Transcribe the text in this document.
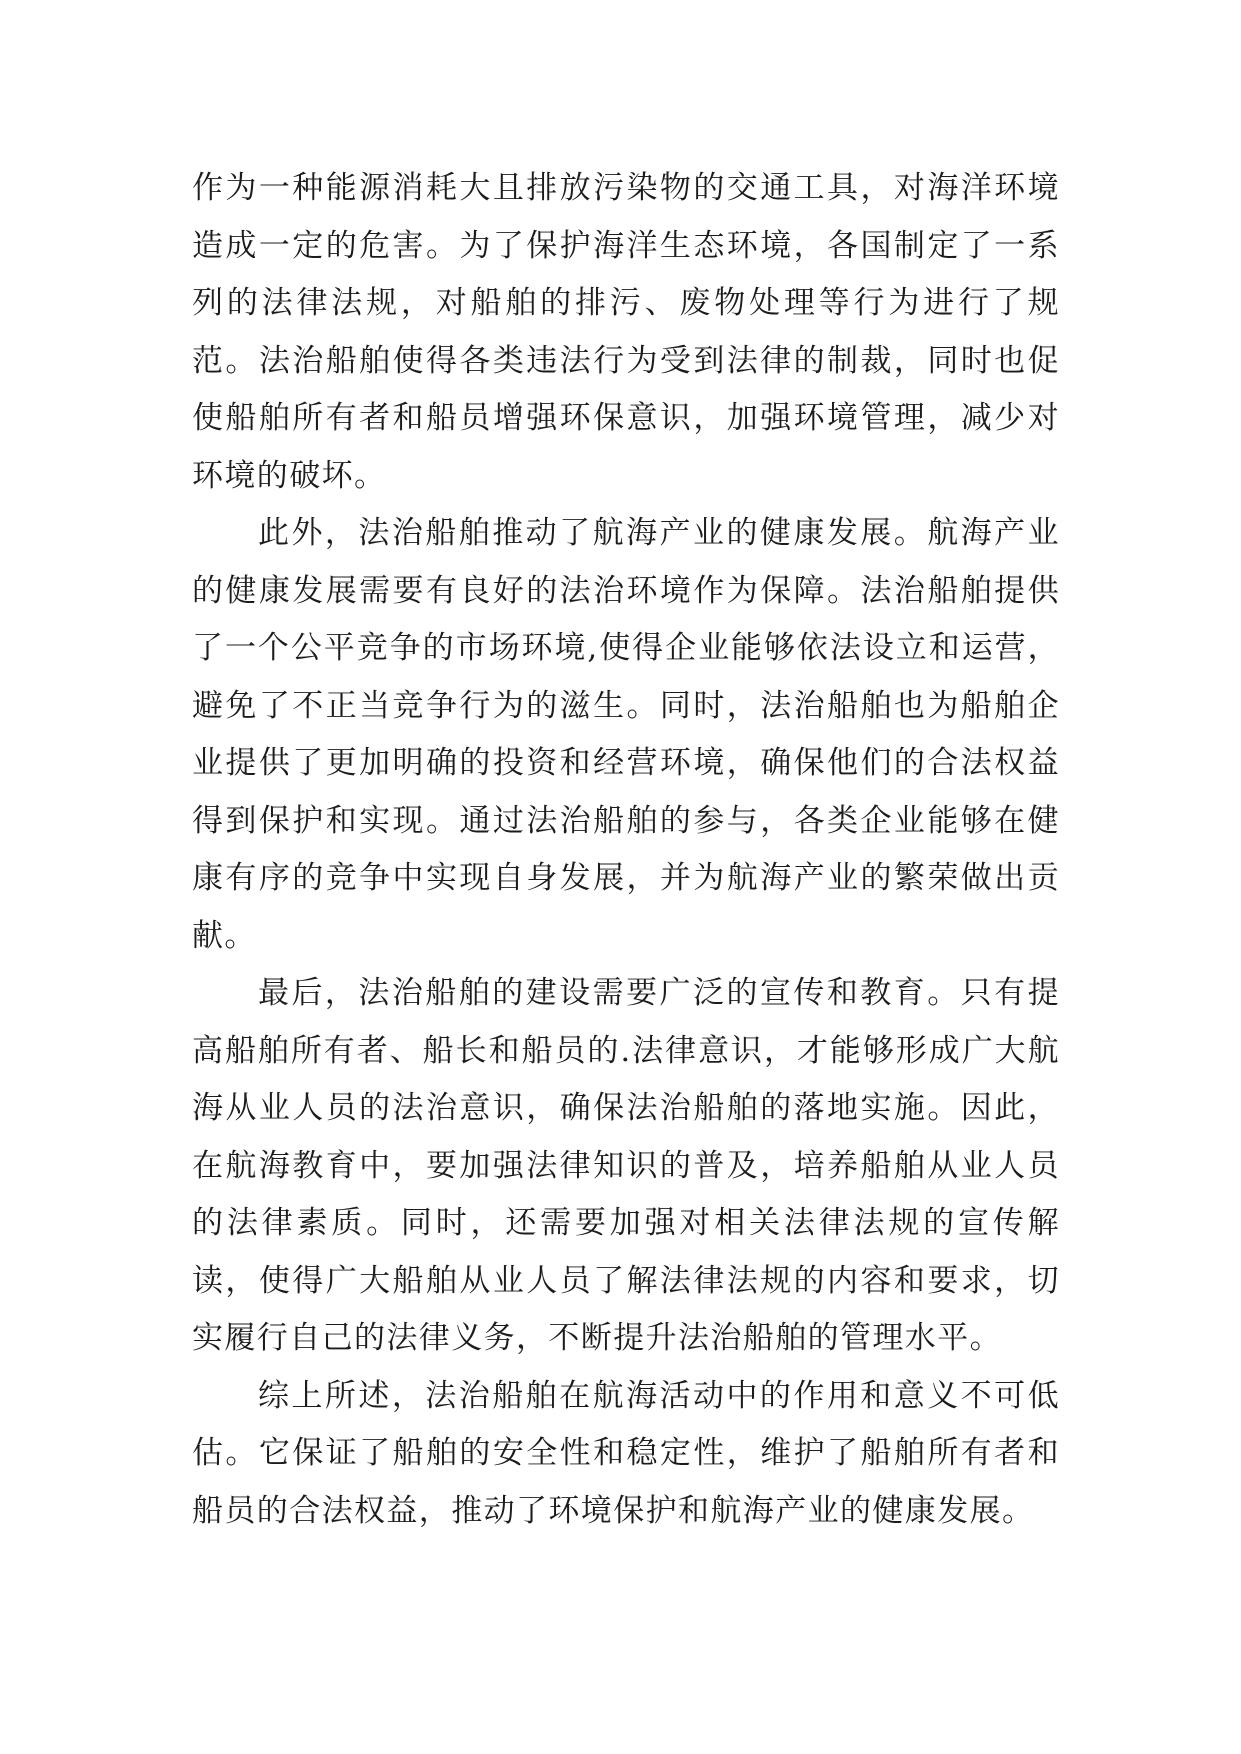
作为一种能源消耗大且排放污染物的交通工具，对海洋环境造成一定的危害。为了保护海洋生态环境，各国制定了一系列的法律法规，对船舶的排污、废物处理等行为进行了规范。法治船舶使得各类违法行为受到法律的制裁，同时也促使船舶所有者和船员增强环保意识，加强环境管理，减少对环境的破坏。

此外，法治船舶推动了航海产业的健康发展。航海产业的健康发展需要有良好的法治环境作为保障。法治船舶提供了一个公平竞争的市场环境,使得企业能够依法设立和运营，避免了不正当竞争行为的滋生。同时，法治船舶也为船舶企业提供了更加明确的投资和经营环境，确保他们的合法权益得到保护和实现。通过法治船舶的参与，各类企业能够在健康有序的竞争中实现自身发展，并为航海产业的繁荣做出贡献。

最后，法治船舶的建设需要广泛的宣传和教育。只有提高船舶所有者、船长和船员的.法律意识，才能够形成广大航海从业人员的法治意识，确保法治船舶的落地实施。因此，在航海教育中，要加强法律知识的普及，培养船舶从业人员的法律素质。同时，还需要加强对相关法律法规的宣传解读，使得广大船舶从业人员了解法律法规的内容和要求，切实履行自己的法律义务，不断提升法治船舶的管理水平。

综上所述，法治船舶在航海活动中的作用和意义不可低估。它保证了船舶的安全性和稳定性，维护了船舶所有者和船员的合法权益，推动了环境保护和航海产业的健康发展。
